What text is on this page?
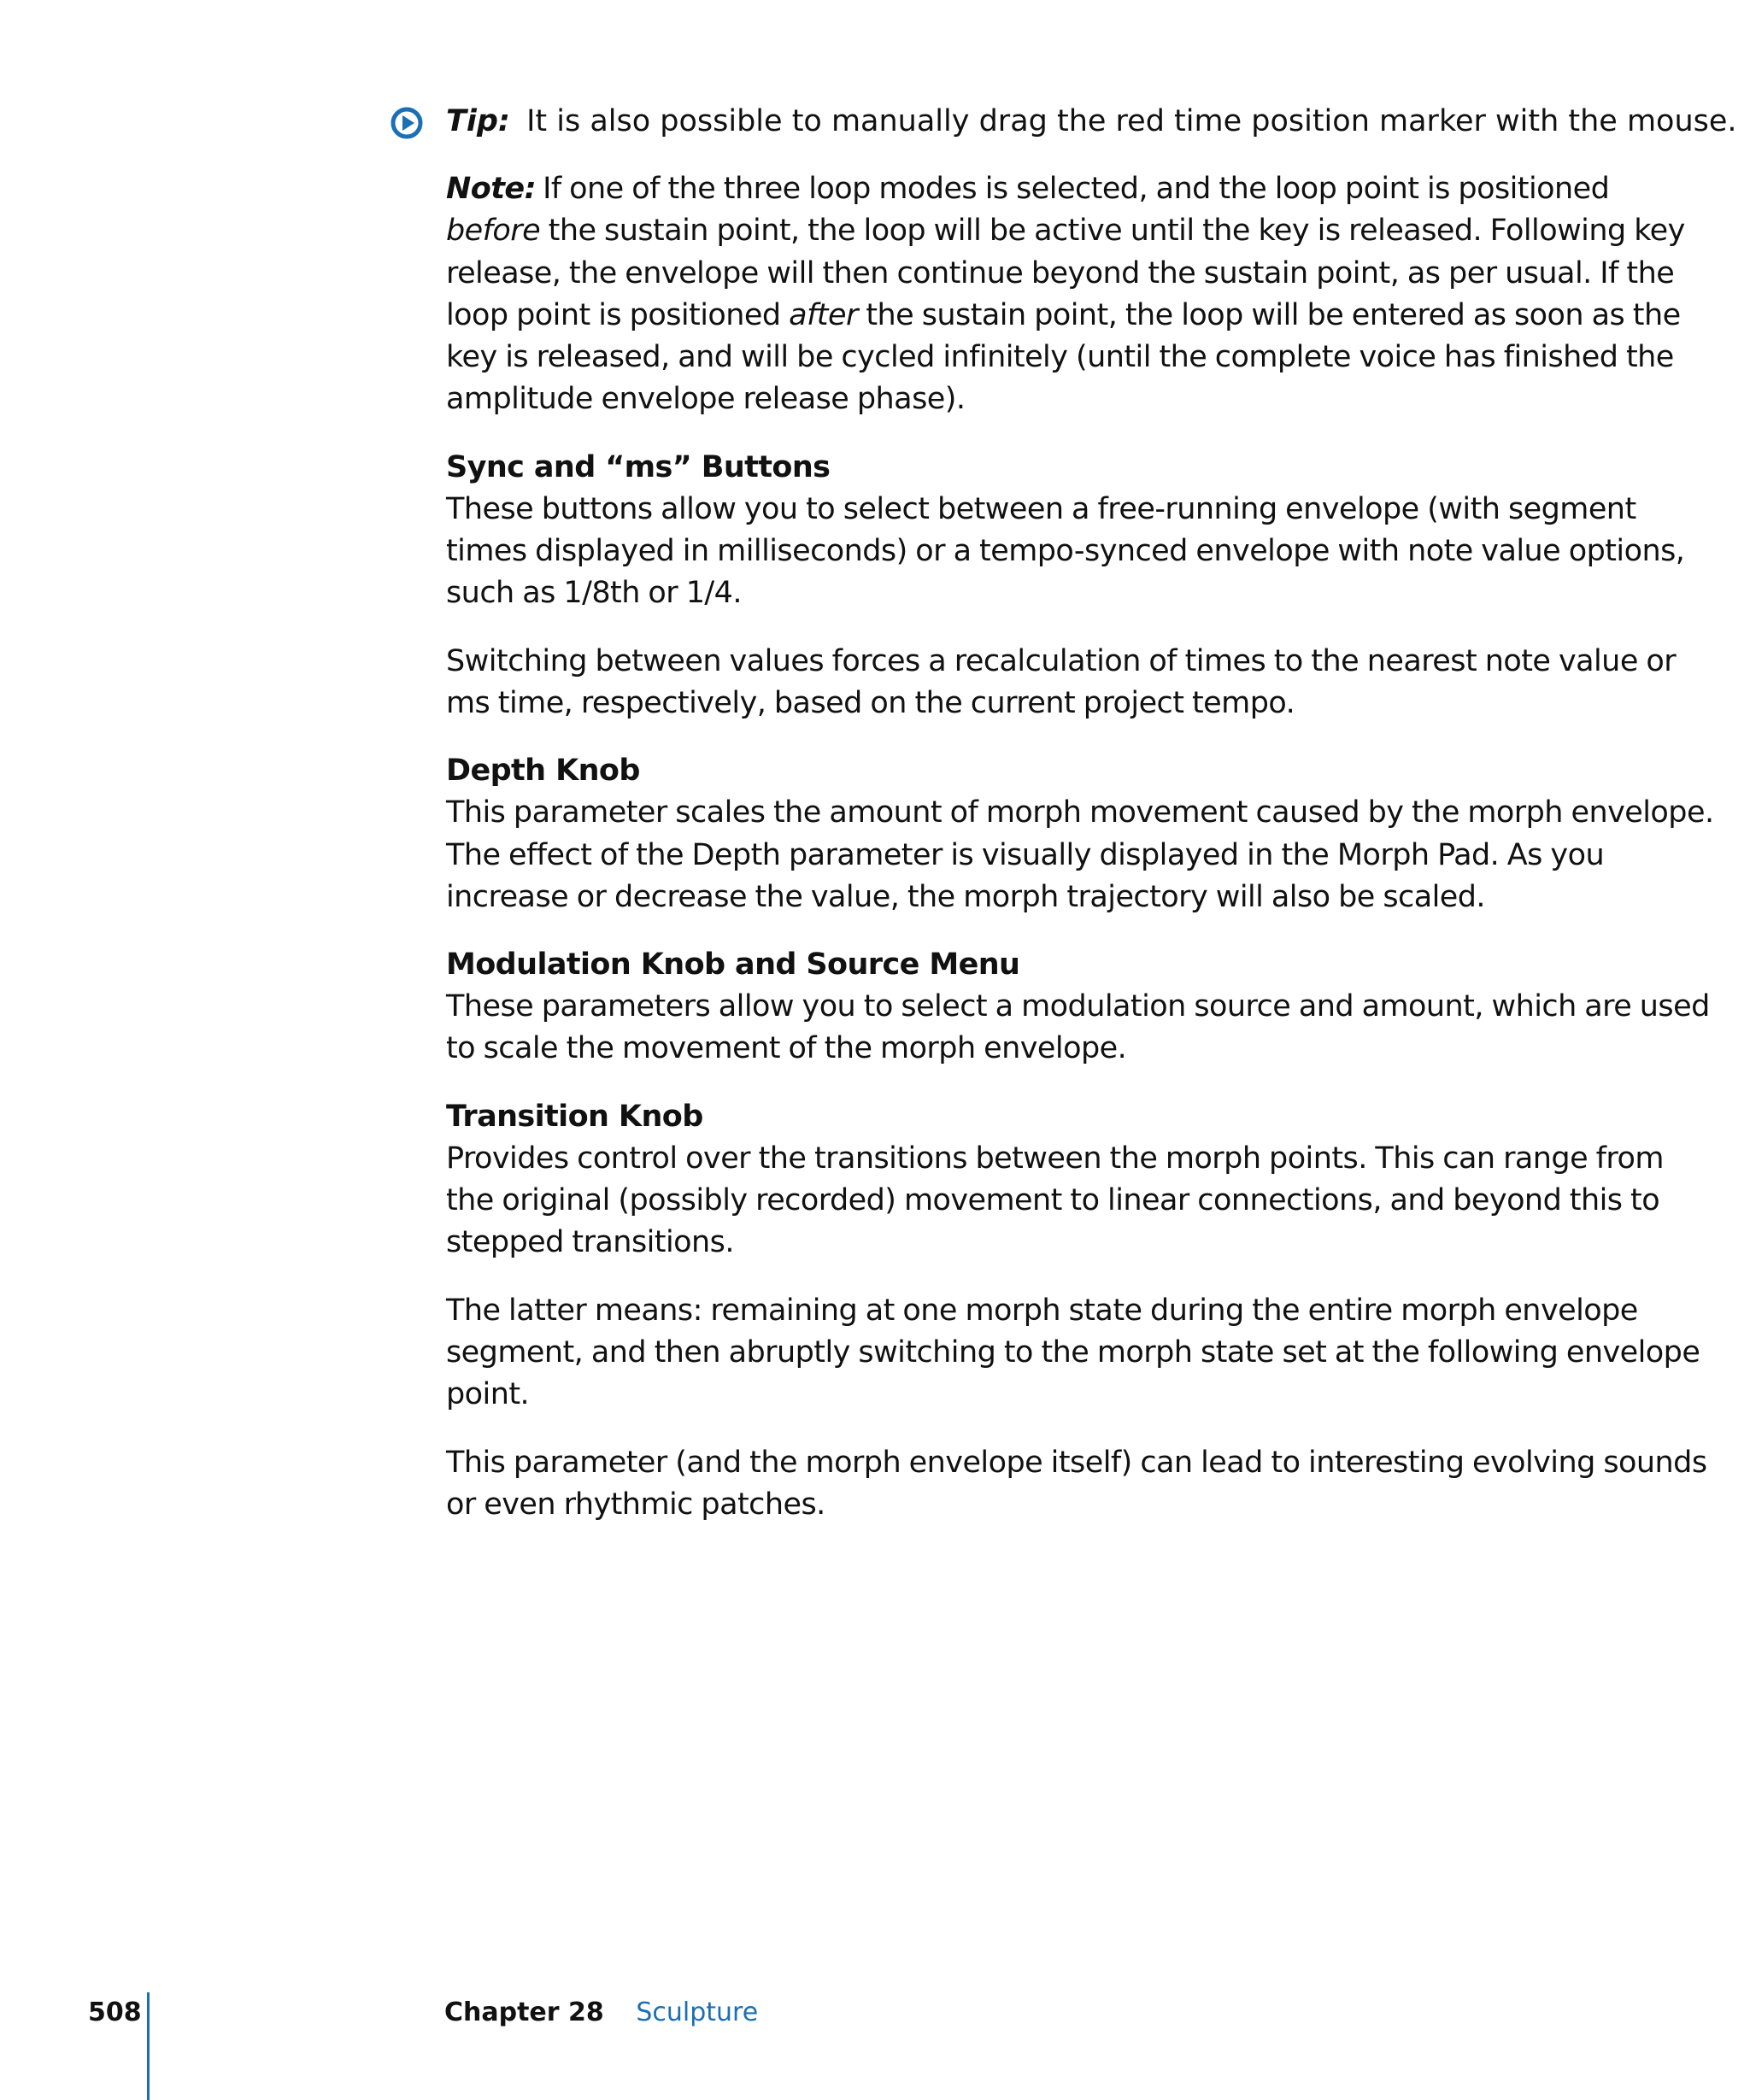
Tip: It is also possible to manually drag the red time position marker with the mouse.
Note: If one of the three loop modes is selected, and the loop point is positioned
before the sustain point, the loop will be active until the key is released. Following key
release, the envelope will then continue beyond the sustain point, as per usual. If the
loop point is positioned after the sustain point, the loop will be entered as soon as the
key is released, and will be cycled infinitely (until the complete voice has finished the
amplitude envelope release phase).
Sync and “ms” Buttons
These buttons allow you to select between a free-running envelope (with segment
times displayed in milliseconds) or a tempo-synced envelope with note value options,
such as 1/8th or 1/4.
Switching between values forces a recalculation of times to the nearest note value or
ms time, respectively, based on the current project tempo.
Depth Knob
This parameter scales the amount of morph movement caused by the morph envelope.
The effect of the Depth parameter is visually displayed in the Morph Pad. As you
increase or decrease the value, the morph trajectory will also be scaled.
Modulation Knob and Source Menu
These parameters allow you to select a modulation source and amount, which are used
to scale the movement of the morph envelope.
Transition Knob
Provides control over the transitions between the morph points. This can range from
the original (possibly recorded) movement to linear connections, and beyond this to
stepped transitions.
The latter means: remaining at one morph state during the entire morph envelope
segment, and then abruptly switching to the morph state set at the following envelope
point.
This parameter (and the morph envelope itself) can lead to interesting evolving sounds
or even rhythmic patches.
508	Chapter 28 Sculpture
